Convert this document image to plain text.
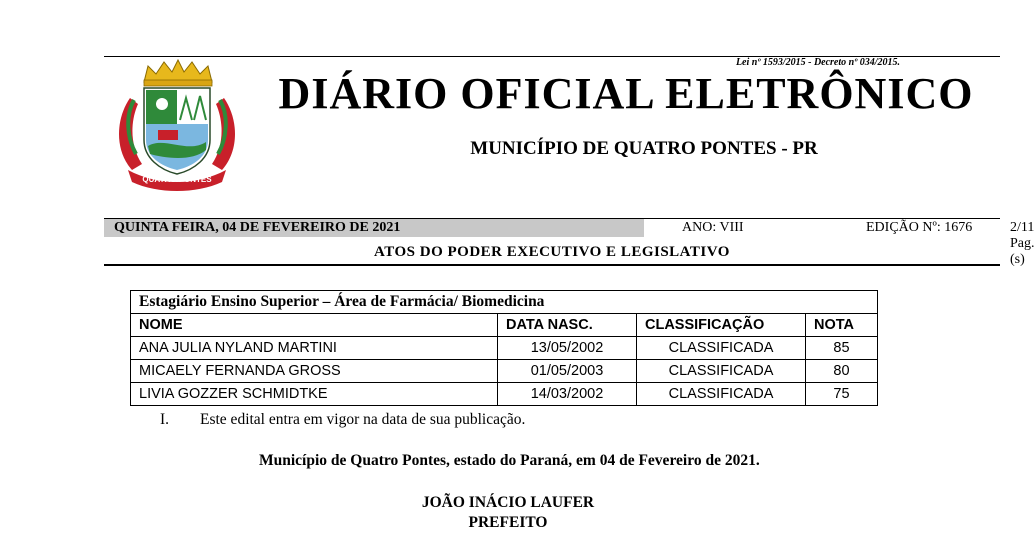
Lei nº 1593/2015 - Decreto nº 034/2015.
QUATRO PONTES
DIÁRIO OFICIAL ELETRÔNICO
MUNICÍPIO DE QUATRO PONTES - PR
QUINTA FEIRA, 04 DE FEVEREIRO DE 2021	ANO: VIII	EDIÇÃO Nº: 1676	2/11 Pag.(s)
ATOS DO PODER EXECUTIVO E LEGISLATIVO
Estagiário Ensino Superior – Área de Farmácia/ Biomedicina			
NOME	DATA NASC.	CLASSIFICAÇÃO	NOTA
ANA JULIA NYLAND MARTINI	13/05/2002	CLASSIFICADA	85
MICAELY FERNANDA GROSS	01/05/2003	CLASSIFICADA	80
LIVIA GOZZER SCHMIDTKE	14/03/2002	CLASSIFICADA	75
I. Este edital entra em vigor na data de sua publicação.
Município de Quatro Pontes, estado do Paraná, em 04 de Fevereiro de 2021.
JOÃO INÁCIO LAUFER
PREFEITO
